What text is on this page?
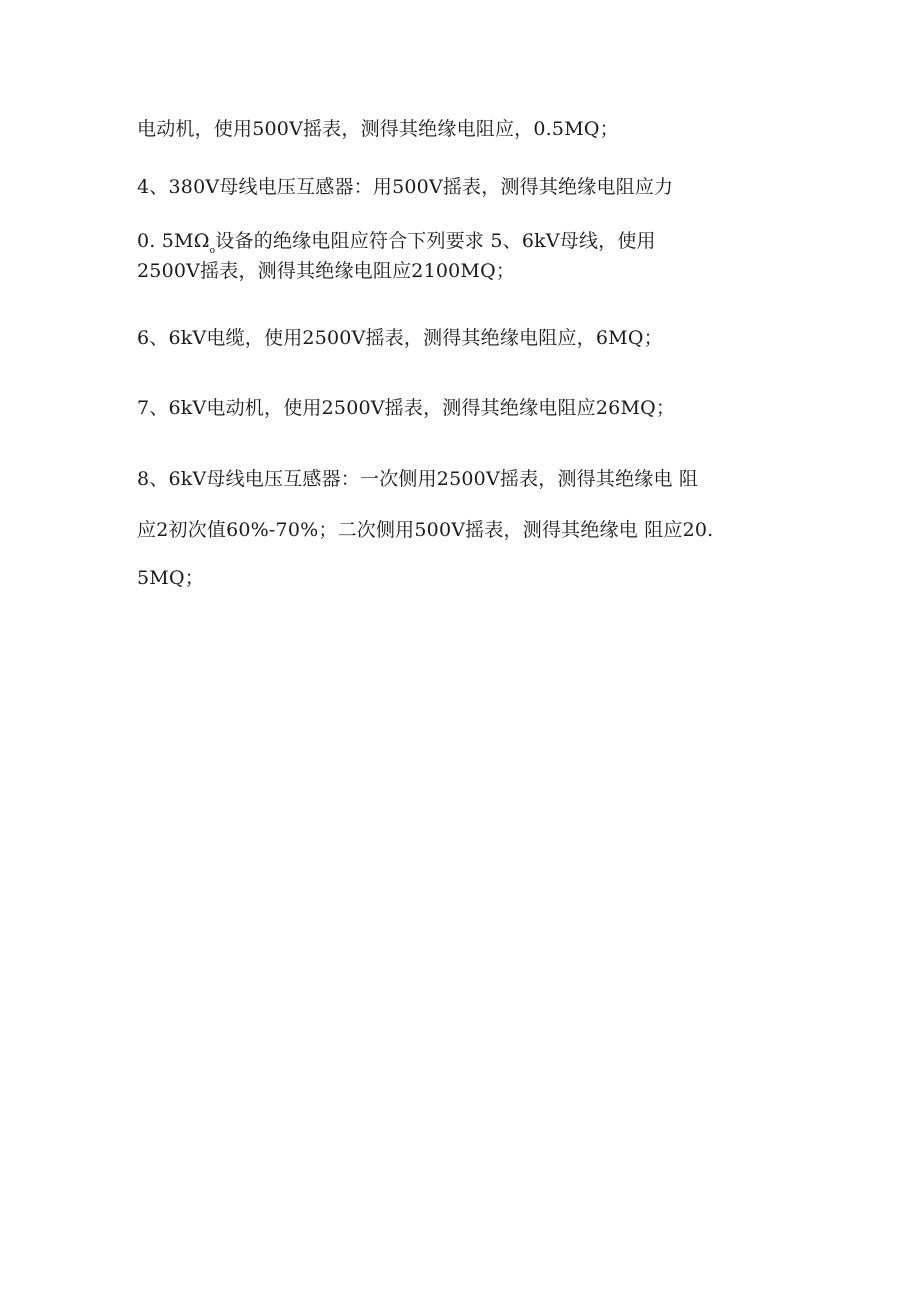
电动机，使用500V摇表，测得其绝缘电阻应，0.5MQ；
4、380V母线电压互感器：用500V摇表，测得其绝缘电阻应力
0. $5M\Omega_o$设备的绝缘电阻应符合下列要求 5、6kV母线，使用
2500V摇表，测得其绝缘电阻应2100MQ；
6、6kV电缆，使用2500V摇表，测得其绝缘电阻应，6MQ；
7、6kV电动机，使用2500V摇表，测得其绝缘电阻应26MQ；
8、6kV母线电压互感器：一次侧用2500V摇表，测得其绝缘电 阻
应2初次值60%-70%；二次侧用500V摇表，测得其绝缘电 阻应20.
5MQ；
